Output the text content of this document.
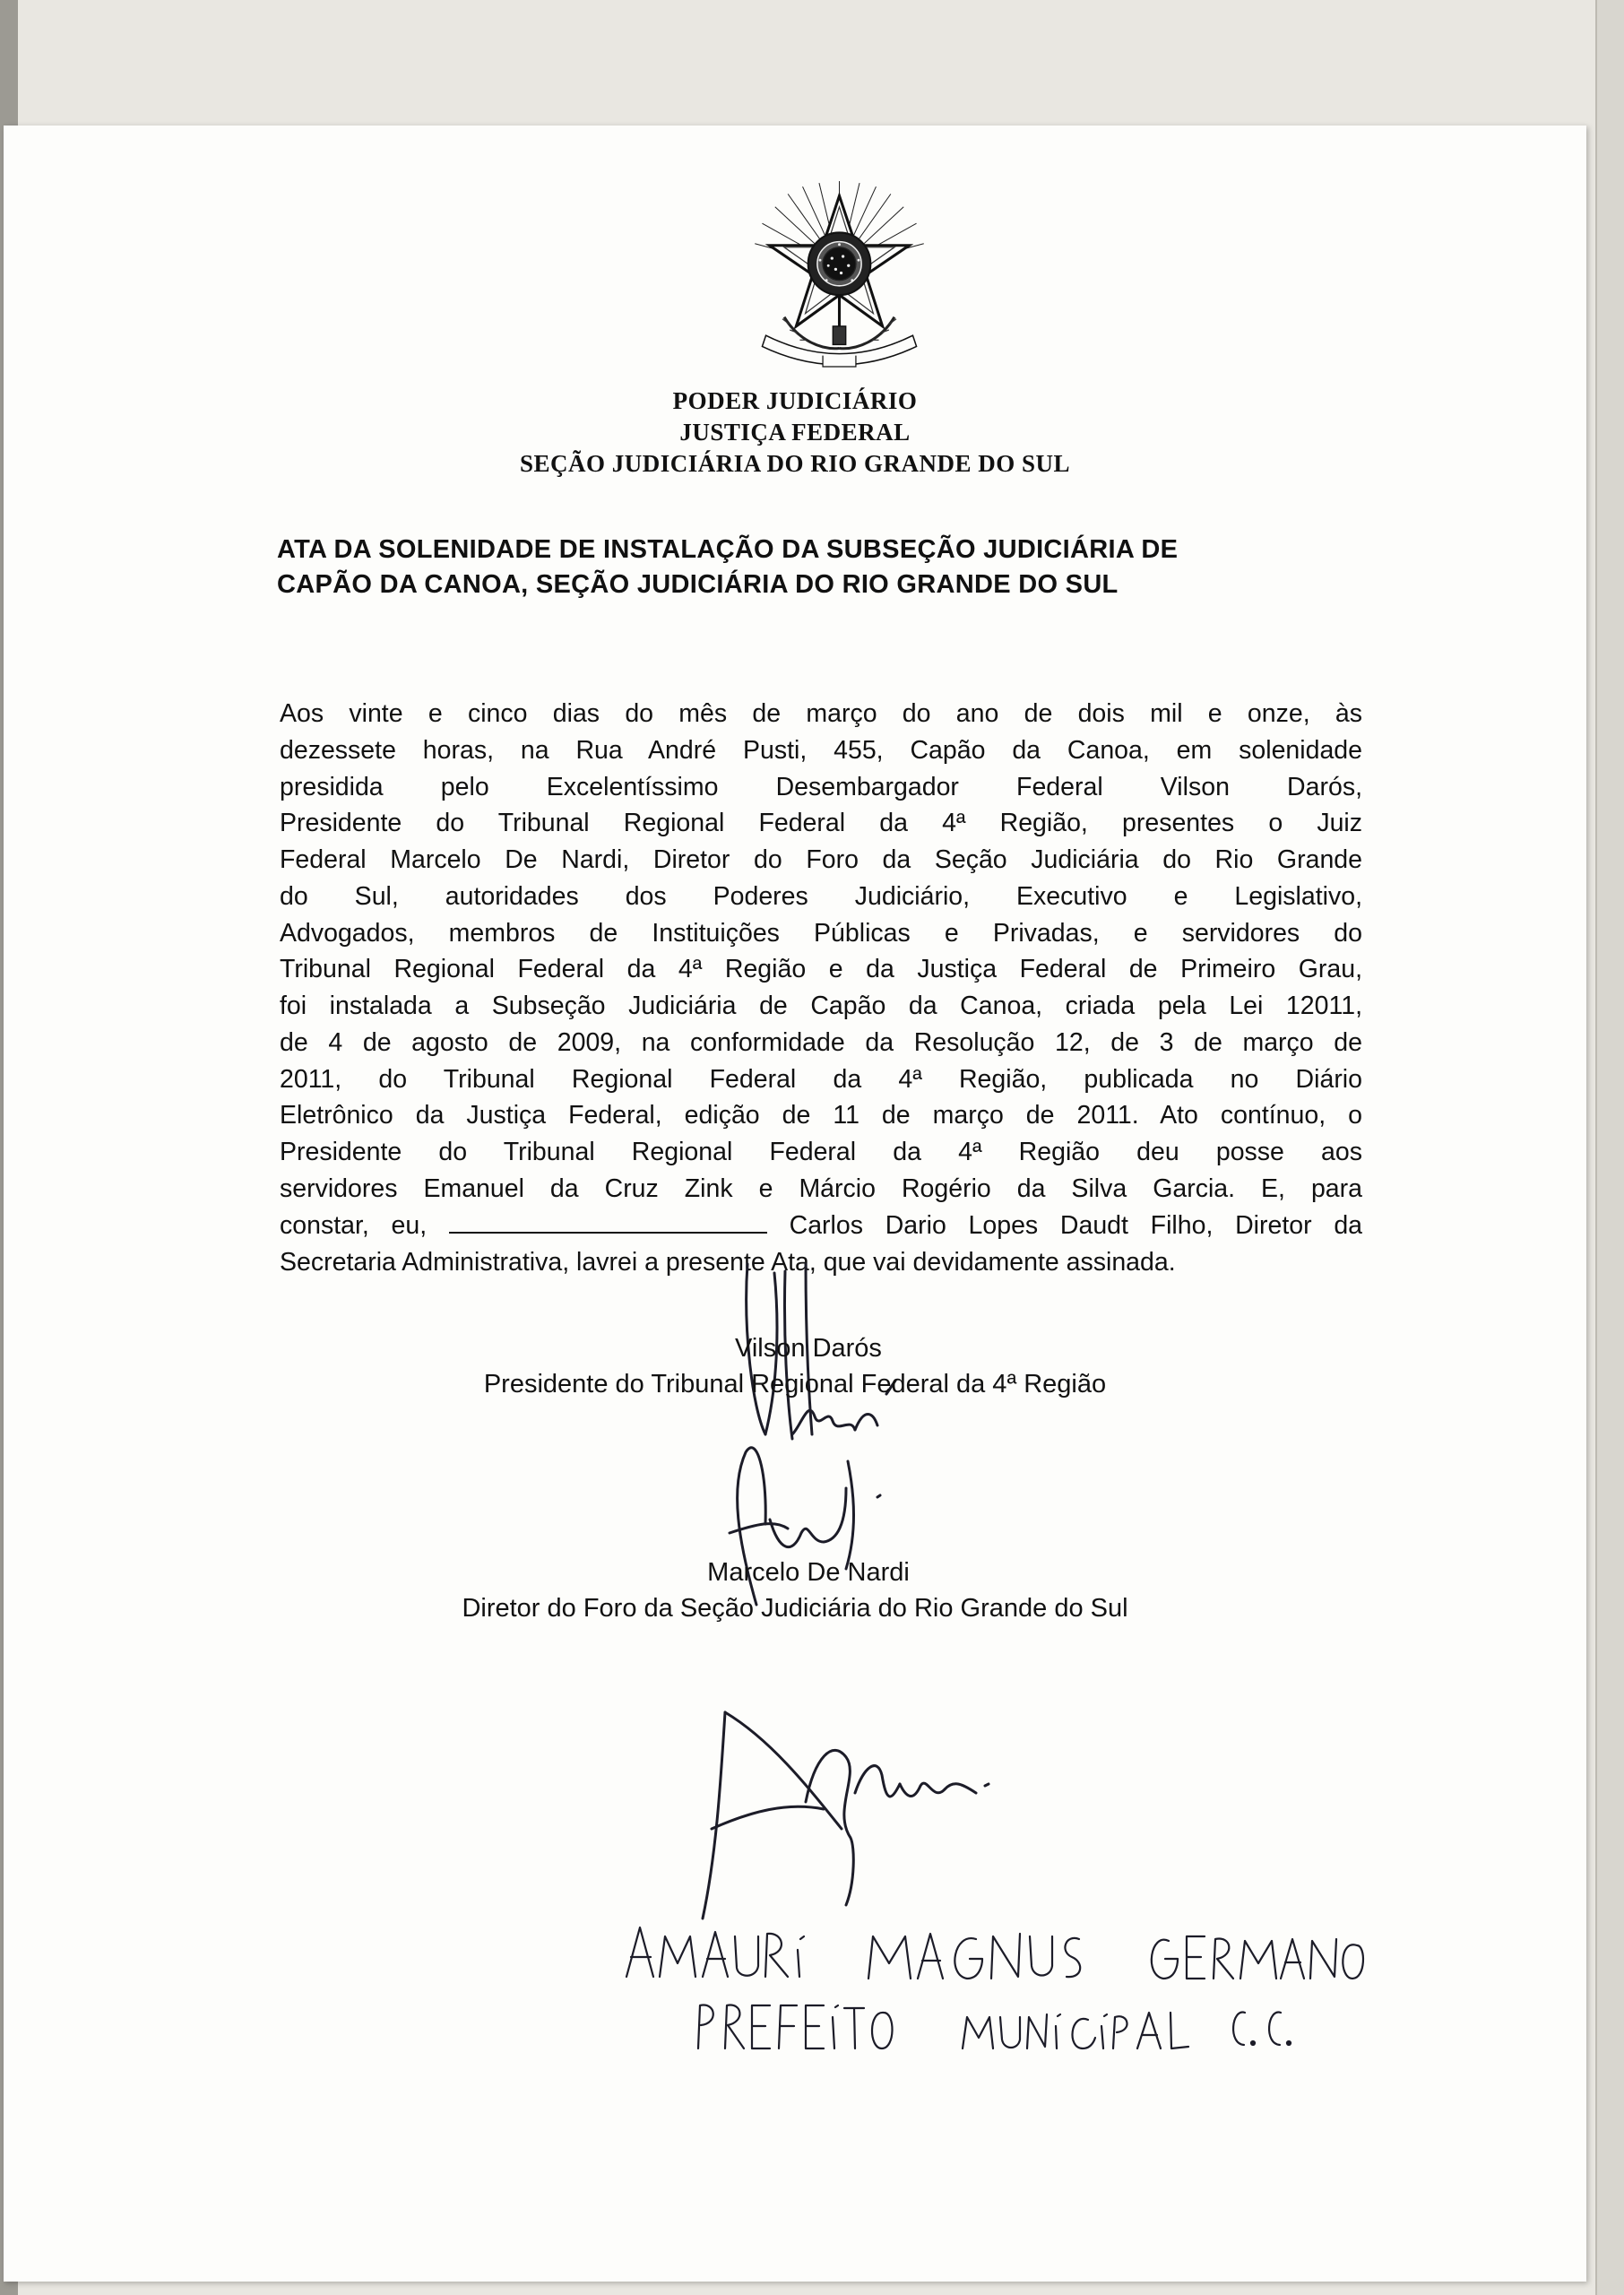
PODER JUDICIÁRIO
JUSTIÇA FEDERAL
SEÇÃO JUDICIÁRIA DO RIO GRANDE DO SUL
ATA DA SOLENIDADE DE INSTALAÇÃO DA SUBSEÇÃO JUDICIÁRIA DE
CAPÃO DA CANOA, SEÇÃO JUDICIÁRIA DO RIO GRANDE DO SUL
Aos vinte e cinco dias do mês de março do ano de dois mil e onze, às
dezessete horas, na Rua André Pusti, 455, Capão da Canoa, em solenidade
presidida pelo Excelentíssimo Desembargador Federal Vilson Darós,
Presidente do Tribunal Regional Federal da 4ª Região, presentes o Juiz
Federal Marcelo De Nardi, Diretor do Foro da Seção Judiciária do Rio Grande
do Sul, autoridades dos Poderes Judiciário, Executivo e Legislativo,
Advogados, membros de Instituições Públicas e Privadas, e servidores do
Tribunal Regional Federal da 4ª Região e da Justiça Federal de Primeiro Grau,
foi instalada a Subseção Judiciária de Capão da Canoa, criada pela Lei 12011,
de 4 de agosto de 2009, na conformidade da Resolução 12, de 3 de março de
2011, do Tribunal Regional Federal da 4ª Região, publicada no Diário
Eletrônico da Justiça Federal, edição de 11 de março de 2011. Ato contínuo, o
Presidente do Tribunal Regional Federal da 4ª Região deu posse aos
servidores Emanuel da Cruz Zink e Márcio Rogério da Silva Garcia. E, para
constar, eu,	Carlos Dario Lopes Daudt Filho, Diretor da
Secretaria Administrativa, lavrei a presente Ata, que vai devidamente assinada.
Vilson Darós
Presidente do Tribunal Regional Federal da 4ª Região
Marcelo De Nardi
Diretor do Foro da Seção Judiciária do Rio Grande do Sul
